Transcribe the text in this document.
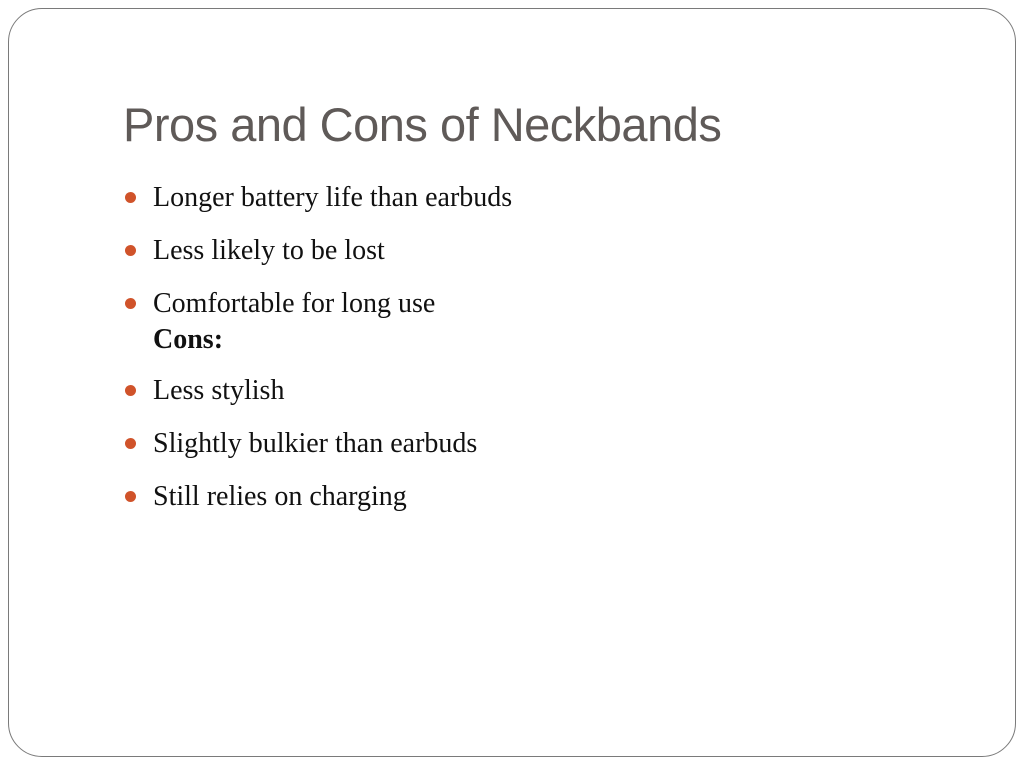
Pros and Cons of Neckbands
Longer battery life than earbuds
Less likely to be lost
Comfortable for long use
Cons:
Less stylish
Slightly bulkier than earbuds
Still relies on charging
